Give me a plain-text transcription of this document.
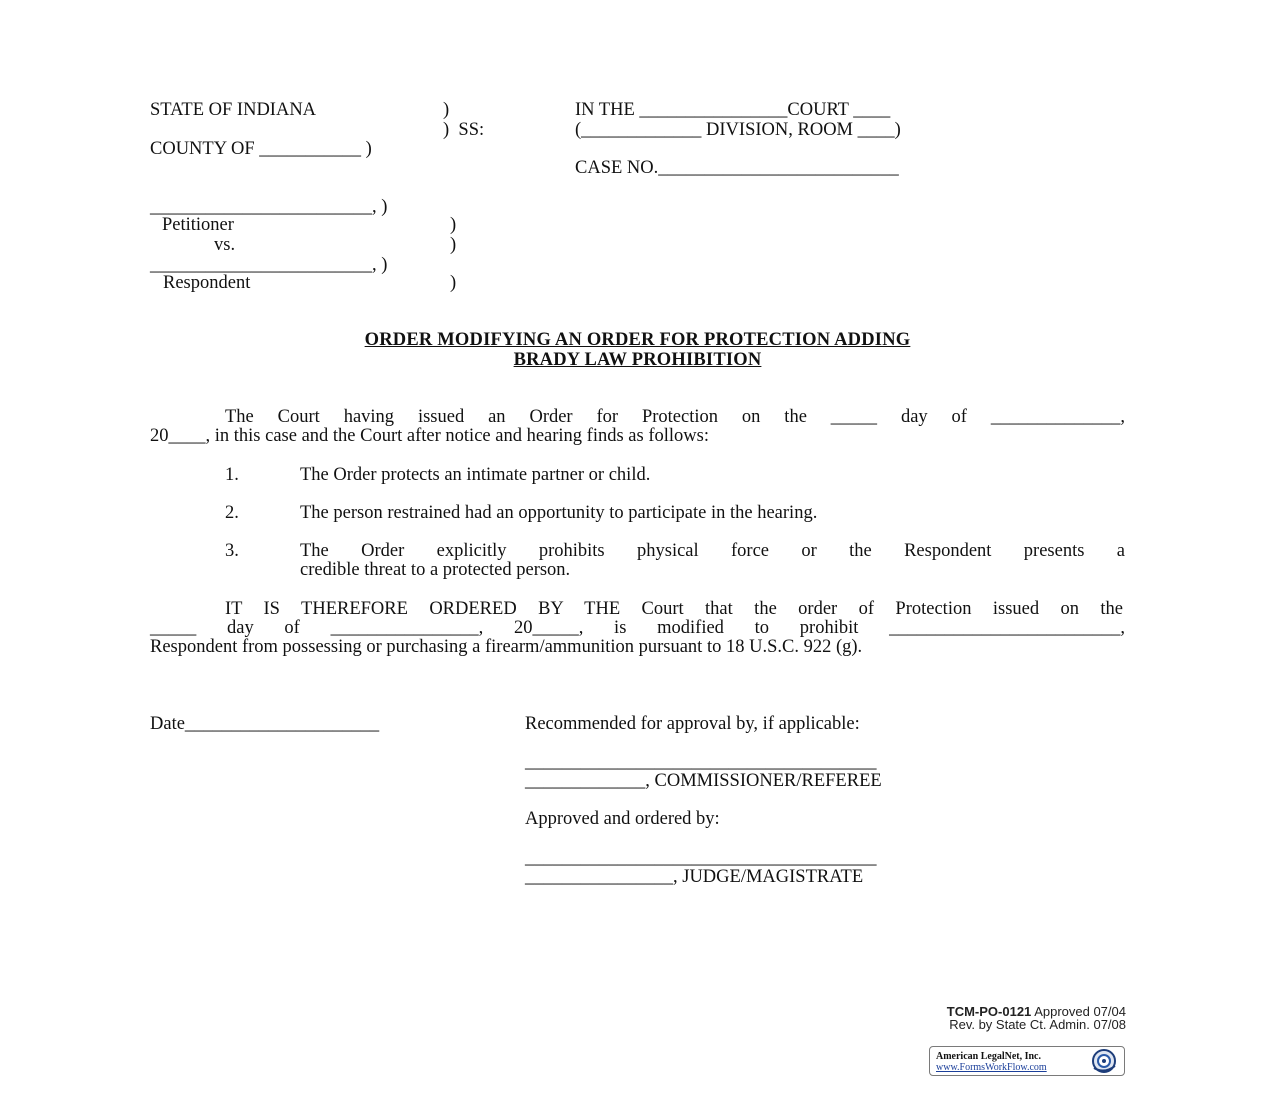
STATE OF INDIANA	)
)  SS:
COUNTY OF ___________ )
IN THE ________________COURT ____
(_____________ DIVISION, ROOM ____)
CASE NO.__________________________
________________________, )
Petitioner	)
vs.	)
________________________, )
Respondent	)
ORDER MODIFYING AN ORDER FOR PROTECTION ADDING
BRADY LAW PROHIBITION
The Court having issued an Order for Protection on the _____ day of ______________,
20____, in this case and the Court after notice and hearing finds as follows:
1.	The Order protects an intimate partner or child.
2.	The person restrained had an opportunity to participate in the hearing.
3.	The Order explicitly prohibits physical force or the Respondent presents a
credible threat to a protected person.
IT IS THEREFORE ORDERED BY THE Court that the order of Protection issued on the
_____ day of ________________, 20_____, is modified to prohibit _________________________,
Respondent from possessing or purchasing a firearm/ammunition pursuant to 18 U.S.C. 922 (g).
Date_____________________	Recommended for approval by, if applicable:
______________________________________
_____________, COMMISSIONER/REFEREE
Approved and ordered by:
______________________________________
________________, JUDGE/MAGISTRATE
TCM-PO-0121 Approved 07/04
Rev. by State Ct. Admin. 07/08
American LegalNet, Inc.
www.FormsWorkFlow.com
